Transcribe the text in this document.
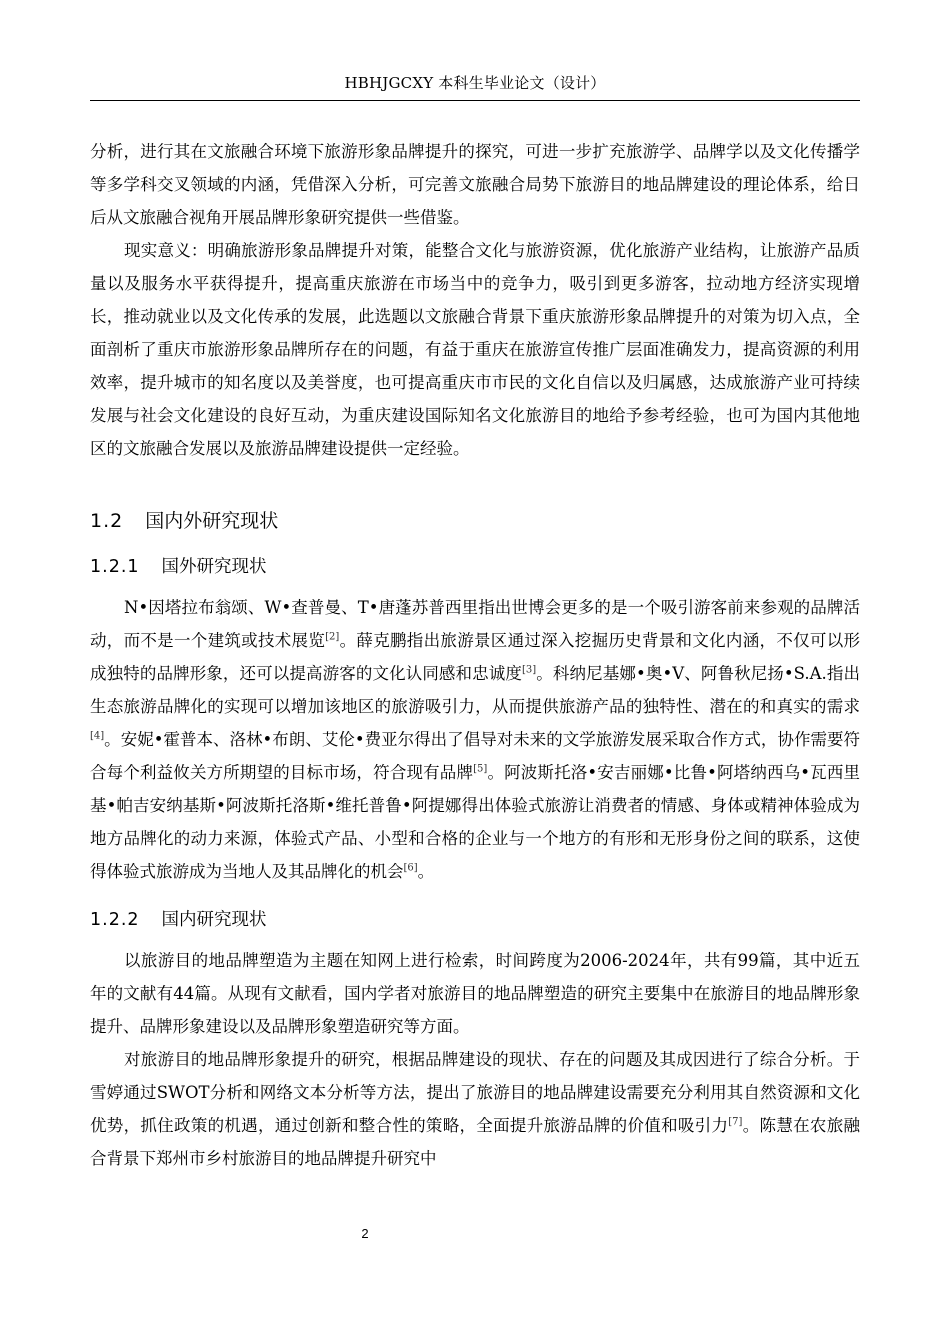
HBHJGCXY 本科生毕业论文（设计）

分析，进行其在文旅融合环境下旅游形象品牌提升的探究，可进一步扩充旅游学、品牌学以及文化传播学等多学科交叉领域的内涵，凭借深入分析，可完善文旅融合局势下旅游目的地品牌建设的理论体系，给日后从文旅融合视角开展品牌形象研究提供一些借鉴。

现实意义：明确旅游形象品牌提升对策，能整合文化与旅游资源，优化旅游产业结构，让旅游产品质量以及服务水平获得提升，提高重庆旅游在市场当中的竞争力，吸引到更多游客，拉动地方经济实现增长，推动就业以及文化传承的发展，此选题以文旅融合背景下重庆旅游形象品牌提升的对策为切入点，全面剖析了重庆市旅游形象品牌所存在的问题，有益于重庆在旅游宣传推广层面准确发力，提高资源的利用效率，提升城市的知名度以及美誉度，也可提高重庆市市民的文化自信以及归属感，达成旅游产业可持续发展与社会文化建设的良好互动，为重庆建设国际知名文化旅游目的地给予参考经验，也可为国内其他地区的文旅融合发展以及旅游品牌建设提供一定经验。

1.2 国内外研究现状
1.2.1 国外研究现状

N•因塔拉布翁颂、W•查普曼、T•唐蓬苏普西里指出世博会更多的是一个吸引游客前来参观的品牌活动，而不是一个建筑或技术展览[2]。薛克鹏指出旅游景区通过深入挖掘历史背景和文化内涵，不仅可以形成独特的品牌形象，还可以提高游客的文化认同感和忠诚度[3]。科纳尼基娜•奥•V、阿鲁秋尼扬•S.A.指出生态旅游品牌化的实现可以增加该地区的旅游吸引力，从而提供旅游产品的独特性、潜在的和真实的需求[4]。安妮•霍普本、洛林•布朗、艾伦•费亚尔得出了倡导对未来的文学旅游发展采取合作方式，协作需要符合每个利益攸关方所期望的目标市场，符合现有品牌[5]。阿波斯托洛•安吉丽娜•比鲁•阿塔纳西乌•瓦西里基•帕吉安纳基斯•阿波斯托洛斯•维托普鲁•阿提娜得出体验式旅游让消费者的情感、身体或精神体验成为地方品牌化的动力来源，体验式产品、小型和合格的企业与一个地方的有形和无形身份之间的联系，这使得体验式旅游成为当地人及其品牌化的机会[6]。

1.2.2 国内研究现状

以旅游目的地品牌塑造为主题在知网上进行检索，时间跨度为2006-2024年，共有99篇，其中近五年的文献有44篇。从现有文献看，国内学者对旅游目的地品牌塑造的研究主要集中在旅游目的地品牌形象提升、品牌形象建设以及品牌形象塑造研究等方面。

对旅游目的地品牌形象提升的研究，根据品牌建设的现状、存在的问题及其成因进行了综合分析。于雪婷通过SWOT分析和网络文本分析等方法，提出了旅游目的地品牌建设需要充分利用其自然资源和文化优势，抓住政策的机遇，通过创新和整合性的策略，全面提升旅游品牌的价值和吸引力[7]。陈慧在农旅融合背景下郑州市乡村旅游目的地品牌提升研究中

2
